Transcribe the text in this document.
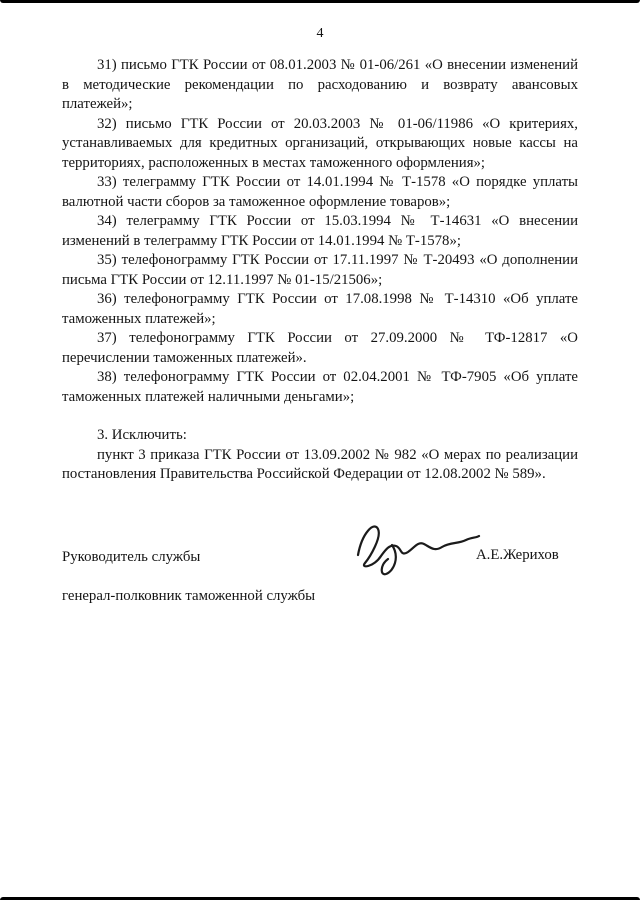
4

31) письмо ГТК России от 08.01.2003 № 01-06/261 «О внесении изменений в методические рекомендации по расходованию и возврату авансовых платежей»;

32) письмо ГТК России от 20.03.2003 № 01-06/11986 «О критериях, устанавливаемых для кредитных организаций, открывающих новые кассы на территориях, расположенных в местах таможенного оформления»;

33) телеграмму ГТК России от 14.01.1994 № Т-1578 «О порядке уплаты валютной части сборов за таможенное оформление товаров»;

34) телеграмму ГТК России от 15.03.1994 № Т-14631 «О внесении изменений в телеграмму ГТК России от 14.01.1994 № Т-1578»;

35) телефонограмму ГТК России от 17.11.1997 № Т-20493 «О дополнении письма ГТК России от 12.11.1997 № 01-15/21506»;

36) телефонограмму ГТК России от 17.08.1998 № Т-14310 «Об уплате таможенных платежей»;

37) телефонограмму ГТК России от 27.09.2000 № ТФ-12817 «О перечислении таможенных платежей».

38) телефонограмму ГТК России от 02.04.2001 № ТФ-7905 «Об уплате таможенных платежей наличными деньгами»;

3. Исключить:

пункт 3 приказа ГТК России от 13.09.2002 № 982 «О мерах по реализации постановления Правительства Российской Федерации от 12.08.2002 № 589».

Руководитель службы

генерал-полковник таможенной службы

А.Е.Жерихов
